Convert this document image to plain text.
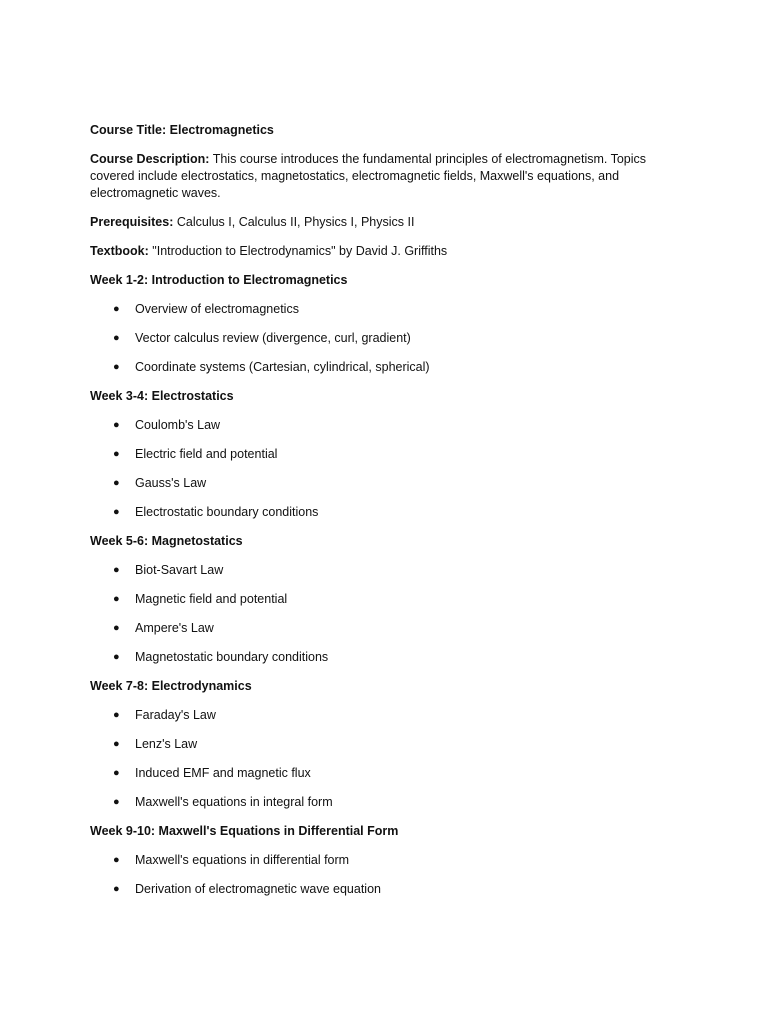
Course Title: Electromagnetics

Course Description: This course introduces the fundamental principles of electromagnetism. Topics covered include electrostatics, magnetostatics, electromagnetic fields, Maxwell's equations, and electromagnetic waves.

Prerequisites: Calculus I, Calculus II, Physics I, Physics II

Textbook: "Introduction to Electrodynamics" by David J. Griffiths

Week 1-2: Introduction to Electromagnetics

● Overview of electromagnetics
● Vector calculus review (divergence, curl, gradient)
● Coordinate systems (Cartesian, cylindrical, spherical)

Week 3-4: Electrostatics

● Coulomb's Law
● Electric field and potential
● Gauss's Law
● Electrostatic boundary conditions

Week 5-6: Magnetostatics

● Biot-Savart Law
● Magnetic field and potential
● Ampere's Law
● Magnetostatic boundary conditions

Week 7-8: Electrodynamics

● Faraday's Law
● Lenz's Law
● Induced EMF and magnetic flux
● Maxwell's equations in integral form

Week 9-10: Maxwell's Equations in Differential Form

● Maxwell's equations in differential form
● Derivation of electromagnetic wave equation
